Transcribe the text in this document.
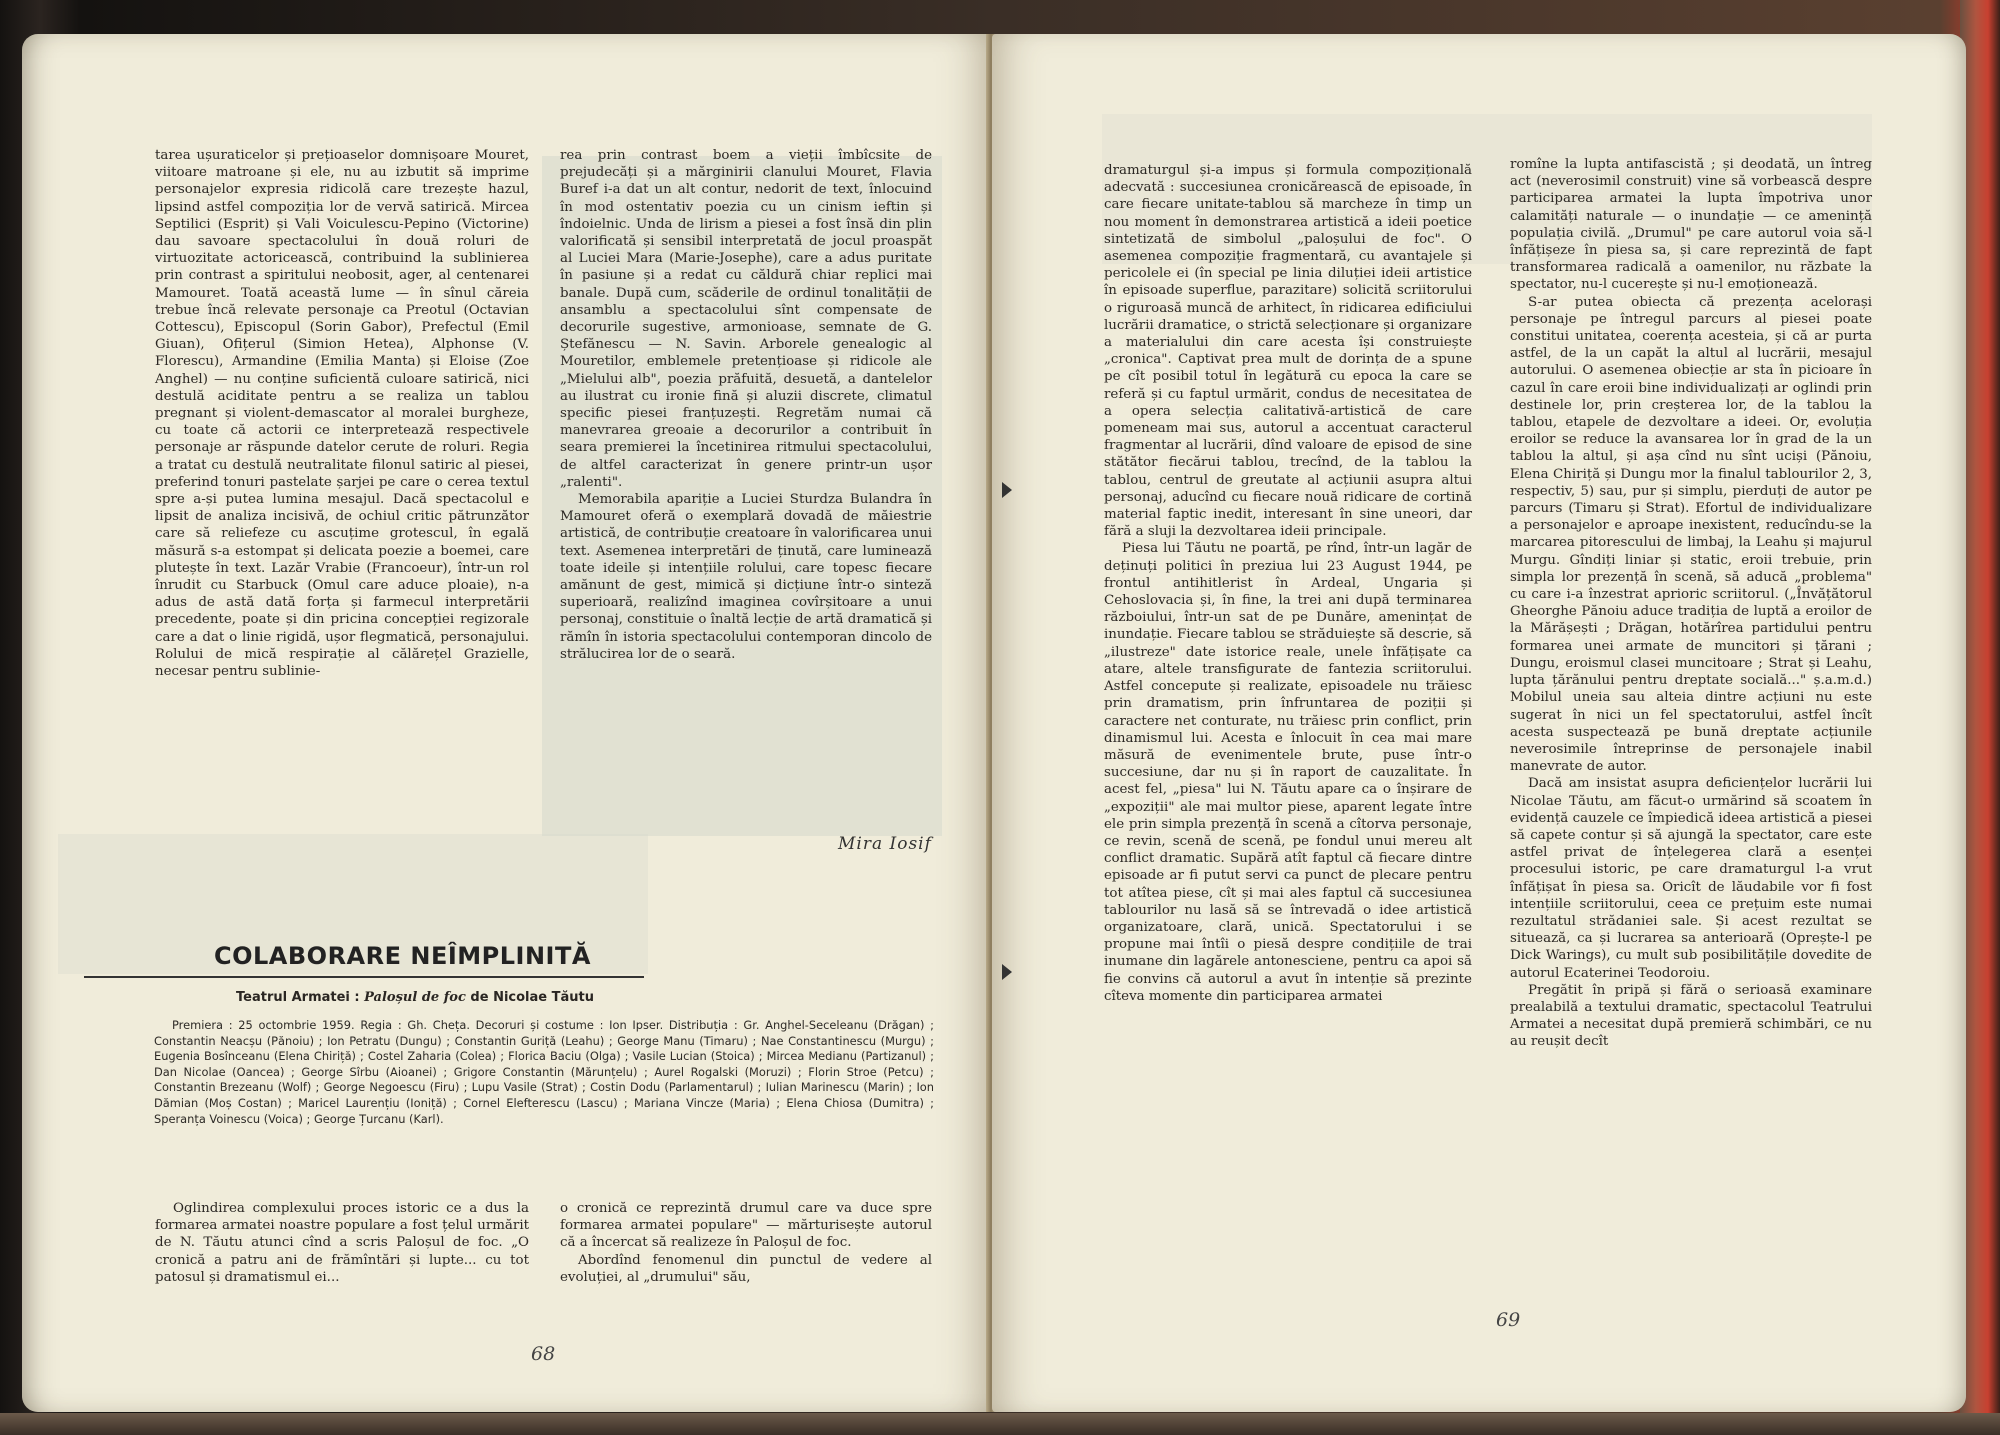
tarea ușuraticelor și prețioaselor domnișoare Mouret, viitoare matroane și ele, nu au izbutit să imprime personajelor expresia ridicolă care trezește hazul, lipsind astfel compoziția lor de vervă satirică. Mircea Septilici (Esprit) și Vali Voiculescu-Pepino (Victorine) dau savoare spectacolului în două roluri de virtuozitate actoricească, contribuind la sublinierea prin contrast a spiritului neobosit, ager, al centenarei Mamouret. Toată această lume — în sînul căreia trebue încă relevate personaje ca Preotul (Octavian Cottescu), Episcopul (Sorin Gabor), Prefectul (Emil Giuan), Ofițerul (Simion Hetea), Alphonse (V. Florescu), Armandine (Emilia Manta) și Eloise (Zoe Anghel) — nu conține suficientă culoare satirică, nici destulă aciditate pentru a se realiza un tablou pregnant și violent-demascator al moralei burgheze, cu toate că actorii ce interpretează respectivele personaje ar răspunde datelor cerute de roluri. Regia a tratat cu destulă neutralitate filonul satiric al piesei, preferind tonuri pastelate șarjei pe care o cerea textul spre a-și putea lumina mesajul. Dacă spectacolul e lipsit de analiza incisivă, de ochiul critic pătrunzător care să reliefeze cu ascuțime grotescul, în egală măsură s-a estompat și delicata poezie a boemei, care plutește în text. Lazăr Vrabie (Francoeur), într-un rol înrudit cu Starbuck (Omul care aduce ploaie), n-a adus de astă dată forța și farmecul interpretării precedente, poate și din pricina concepției regizorale care a dat o linie rigidă, ușor flegmatică, personajului. Rolului de mică respirație al călărețel Grazielle, necesar pentru sublinie-

rea prin contrast boem a vieții îmbîcsite de prejudecăți și a mărginirii clanului Mouret, Flavia Buref i-a dat un alt contur, nedorit de text, înlocuind în mod ostentativ poezia cu un cinism ieftin și îndoielnic. Unda de lirism a piesei a fost însă din plin valorificată și sensibil interpretată de jocul proaspăt al Luciei Mara (Marie-Josephe), care a adus puritate în pasiune și a redat cu căldură chiar replici mai banale. După cum, scăderile de ordinul tonalității de ansamblu a spectacolului sînt compensate de decorurile sugestive, armonioase, semnate de G. Ștefănescu — N. Savin. Arborele genealogic al Mouretilor, emblemele pretențioase și ridicole ale „Mielului alb", poezia prăfuită, desuetă, a dantelelor au ilustrat cu ironie fină și aluzii discrete, climatul specific piesei franțuzești. Regretăm numai că manevrarea greoaie a decorurilor a contribuit în seara premierei la încetinirea ritmului spectacolului, de altfel caracterizat în genere printr-un ușor „ralenti".

Memorabila apariție a Luciei Sturdza Bulandra în Mamouret oferă o exemplară dovadă de măiestrie artistică, de contribuție creatoare în valorificarea unui text. Asemenea interpretări de ținută, care luminează toate ideile și intențiile rolului, care topesc fiecare amănunt de gest, mimică și dicțiune într-o sinteză superioară, realizînd imaginea covîrșitoare a unui personaj, constituie o înaltă lecție de artă dramatică și rămîn în istoria spectacolului contemporan dincolo de strălucirea lor de o seară.

Mira Iosif
COLABORARE NEÎMPLINITĂ
Teatrul Armatei : Paloșul de foc de Nicolae Tăutu

Premiera : 25 octombrie 1959. Regia : Gh. Cheța. Decoruri și costume : Ion Ipser. Distribuția : Gr. Anghel-Seceleanu (Drăgan) ; Constantin Neacșu (Pănoiu) ; Ion Petratu (Dungu) ; Constantin Guriță (Leahu) ; George Manu (Timaru) ; Nae Constantinescu (Murgu) ; Eugenia Bosînceanu (Elena Chiriță) ; Costel Zaharia (Colea) ; Florica Baciu (Olga) ; Vasile Lucian (Stoica) ; Mircea Medianu (Partizanul) ; Dan Nicolae (Oancea) ; George Sîrbu (Aioanei) ; Grigore Constantin (Mărunțelu) ; Aurel Rogalski (Moruzi) ; Florin Stroe (Petcu) ; Constantin Brezeanu (Wolf) ; George Negoescu (Firu) ; Lupu Vasile (Strat) ; Costin Dodu (Parlamentarul) ; Iulian Marinescu (Marin) ; Ion Dămian (Moș Costan) ; Maricel Laurențiu (Ioniță) ; Cornel Elefterescu (Lascu) ; Mariana Vincze (Maria) ; Elena Chiosa (Dumitra) ; Speranța Voinescu (Voica) ; George Țurcanu (Karl).

Oglindirea complexului proces istoric ce a dus la formarea armatei noastre populare a fost țelul urmărit de N. Tăutu atunci cînd a scris Paloșul de foc. „O cronică a patru ani de frămîntări și lupte... cu tot patosul și dramatismul ei...

o cronică ce reprezintă drumul care va duce spre formarea armatei populare" — mărturisește autorul că a încercat să realizeze în Paloșul de foc.

Abordînd fenomenul din punctul de vedere al evoluției, al „drumului" său,

68

dramaturgul și-a impus și formula compozițională adecvată : succesiunea cronicărească de episoade, în care fiecare unitate-tablou să marcheze în timp un nou moment în demonstrarea artistică a ideii poetice sintetizată de simbolul „paloșului de foc". O asemenea compoziție fragmentară, cu avantajele și pericolele ei (în special pe linia diluției ideii artistice în episoade superflue, parazitare) solicită scriitorului o riguroasă muncă de arhitect, în ridicarea edificiului lucrării dramatice, o strictă selecționare și organizare a materialului din care acesta își construiește „cronica". Captivat prea mult de dorința de a spune pe cît posibil totul în legătură cu epoca la care se referă și cu faptul urmărit, condus de necesitatea de a opera selecția calitativă-artistică de care pomeneam mai sus, autorul a accentuat caracterul fragmentar al lucrării, dînd valoare de episod de sine stătător fiecărui tablou, trecînd, de la tablou la tablou, centrul de greutate al acțiunii asupra altui personaj, aducînd cu fiecare nouă ridicare de cortină material faptic inedit, interesant în sine uneori, dar fără a sluji la dezvoltarea ideii principale.

Piesa lui Tăutu ne poartă, pe rînd, într-un lagăr de deținuți politici în preziua lui 23 August 1944, pe frontul antihitlerist în Ardeal, Ungaria și Cehoslovacia și, în fine, la trei ani după terminarea războiului, într-un sat de pe Dunăre, amenințat de inundație. Fiecare tablou se străduiește să descrie, să „ilustreze" date istorice reale, unele înfățișate ca atare, altele transfigurate de fantezia scriitorului. Astfel concepute și realizate, episoadele nu trăiesc prin dramatism, prin înfruntarea de poziții și caractere net conturate, nu trăiesc prin conflict, prin dinamismul lui. Acesta e înlocuit în cea mai mare măsură de evenimentele brute, puse într-o succesiune, dar nu și în raport de cauzalitate. În acest fel, „piesa" lui N. Tăutu apare ca o înșirare de „expoziții" ale mai multor piese, aparent legate între ele prin simpla prezență în scenă a cîtorva personaje, ce revin, scenă de scenă, pe fondul unui mereu alt conflict dramatic. Supără atît faptul că fiecare dintre episoade ar fi putut servi ca punct de plecare pentru tot atîtea piese, cît și mai ales faptul că succesiunea tablourilor nu lasă să se întrevadă o idee artistică organizatoare, clară, unică. Spectatorului i se propune mai întîi o piesă despre condițiile de trai inumane din lagărele antonesciene, pentru ca apoi să fie convins că autorul a avut în intenție să prezinte cîteva momente din participarea armatei

romîne la lupta antifascistă ; și deodată, un întreg act (neverosimil construit) vine să vorbească despre participarea armatei la lupta împotriva unor calamități naturale — o inundație — ce amenință populația civilă. „Drumul" pe care autorul voia să-l înfățișeze în piesa sa, și care reprezintă de fapt transformarea radicală a oamenilor, nu răzbate la spectator, nu-l cucerește și nu-l emoționează.

S-ar putea obiecta că prezența acelorași personaje pe întregul parcurs al piesei poate constitui unitatea, coerența acesteia, și că ar purta astfel, de la un capăt la altul al lucrării, mesajul autorului. O asemenea obiecție ar sta în picioare în cazul în care eroii bine individualizați ar oglindi prin destinele lor, prin creșterea lor, de la tablou la tablou, etapele de dezvoltare a ideei. Or, evoluția eroilor se reduce la avansarea lor în grad de la un tablou la altul, și așa cînd nu sînt uciși (Pănoiu, Elena Chiriță și Dungu mor la finalul tablourilor 2, 3, respectiv, 5) sau, pur și simplu, pierduți de autor pe parcurs (Timaru și Strat). Efortul de individualizare a personajelor e aproape inexistent, reducîndu-se la marcarea pitorescului de limbaj, la Leahu și majurul Murgu. Gîndiți liniar și static, eroii trebuie, prin simpla lor prezență în scenă, să aducă „problema" cu care i-a înzestrat aprioric scriitorul. („Învățătorul Gheorghe Pănoiu aduce tradiția de luptă a eroilor de la Mărășești ; Drăgan, hotărîrea partidului pentru formarea unei armate de muncitori și țărani ; Dungu, eroismul clasei muncitoare ; Strat și Leahu, lupta țărănului pentru dreptate socială..." ș.a.m.d.) Mobilul uneia sau alteia dintre acțiuni nu este sugerat în nici un fel spectatorului, astfel încît acesta suspectează pe bună dreptate acțiunile neverosimile întreprinse de personajele inabil manevrate de autor.

Dacă am insistat asupra deficiențelor lucrării lui Nicolae Tăutu, am făcut-o urmărind să scoatem în evidență cauzele ce împiedică ideea artistică a piesei să capete contur și să ajungă la spectator, care este astfel privat de înțelegerea clară a esenței procesului istoric, pe care dramaturgul l-a vrut înfățișat în piesa sa. Oricît de lăudabile vor fi fost intențiile scriitorului, ceea ce prețuim este numai rezultatul strădaniei sale. Și acest rezultat se situează, ca și lucrarea sa anterioară (Oprește-l pe Dick Warings), cu mult sub posibilitățile dovedite de autorul Ecaterinei Teodoroiu.

Pregătit în pripă și fără o serioasă examinare prealabilă a textului dramatic, spectacolul Teatrului Armatei a necesitat după premieră schimbări, ce nu au reușit decît

69
